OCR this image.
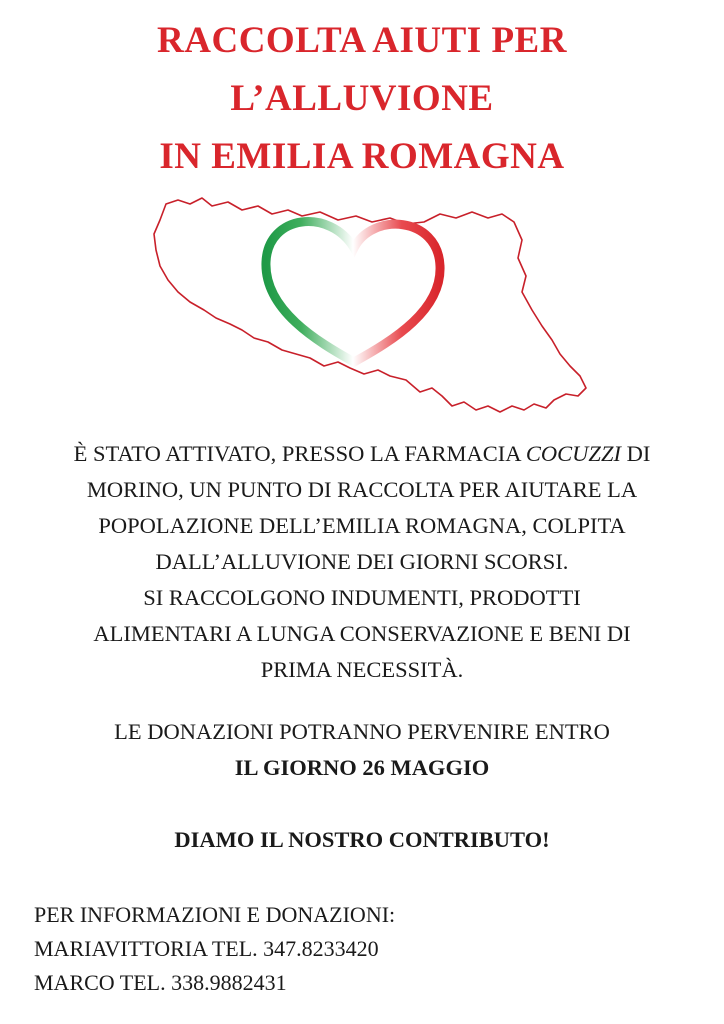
RACCOLTA AIUTI PER
L’ALLUVIONE
IN EMILIA ROMAGNA
È STATO ATTIVATO, PRESSO LA FARMACIA COCUZZI DI
MORINO, UN PUNTO DI RACCOLTA PER AIUTARE LA
POPOLAZIONE DELL’EMILIA ROMAGNA, COLPITA
DALL’ALLUVIONE DEI GIORNI SCORSI.
SI RACCOLGONO INDUMENTI, PRODOTTI
ALIMENTARI A LUNGA CONSERVAZIONE E BENI DI
PRIMA NECESSITÀ.
LE DONAZIONI POTRANNO PERVENIRE ENTRO
IL GIORNO 26 MAGGIO
DIAMO IL NOSTRO CONTRIBUTO!
PER INFORMAZIONI E DONAZIONI:
MARIAVITTORIA TEL. 347.8233420
MARCO TEL. 338.9882431
